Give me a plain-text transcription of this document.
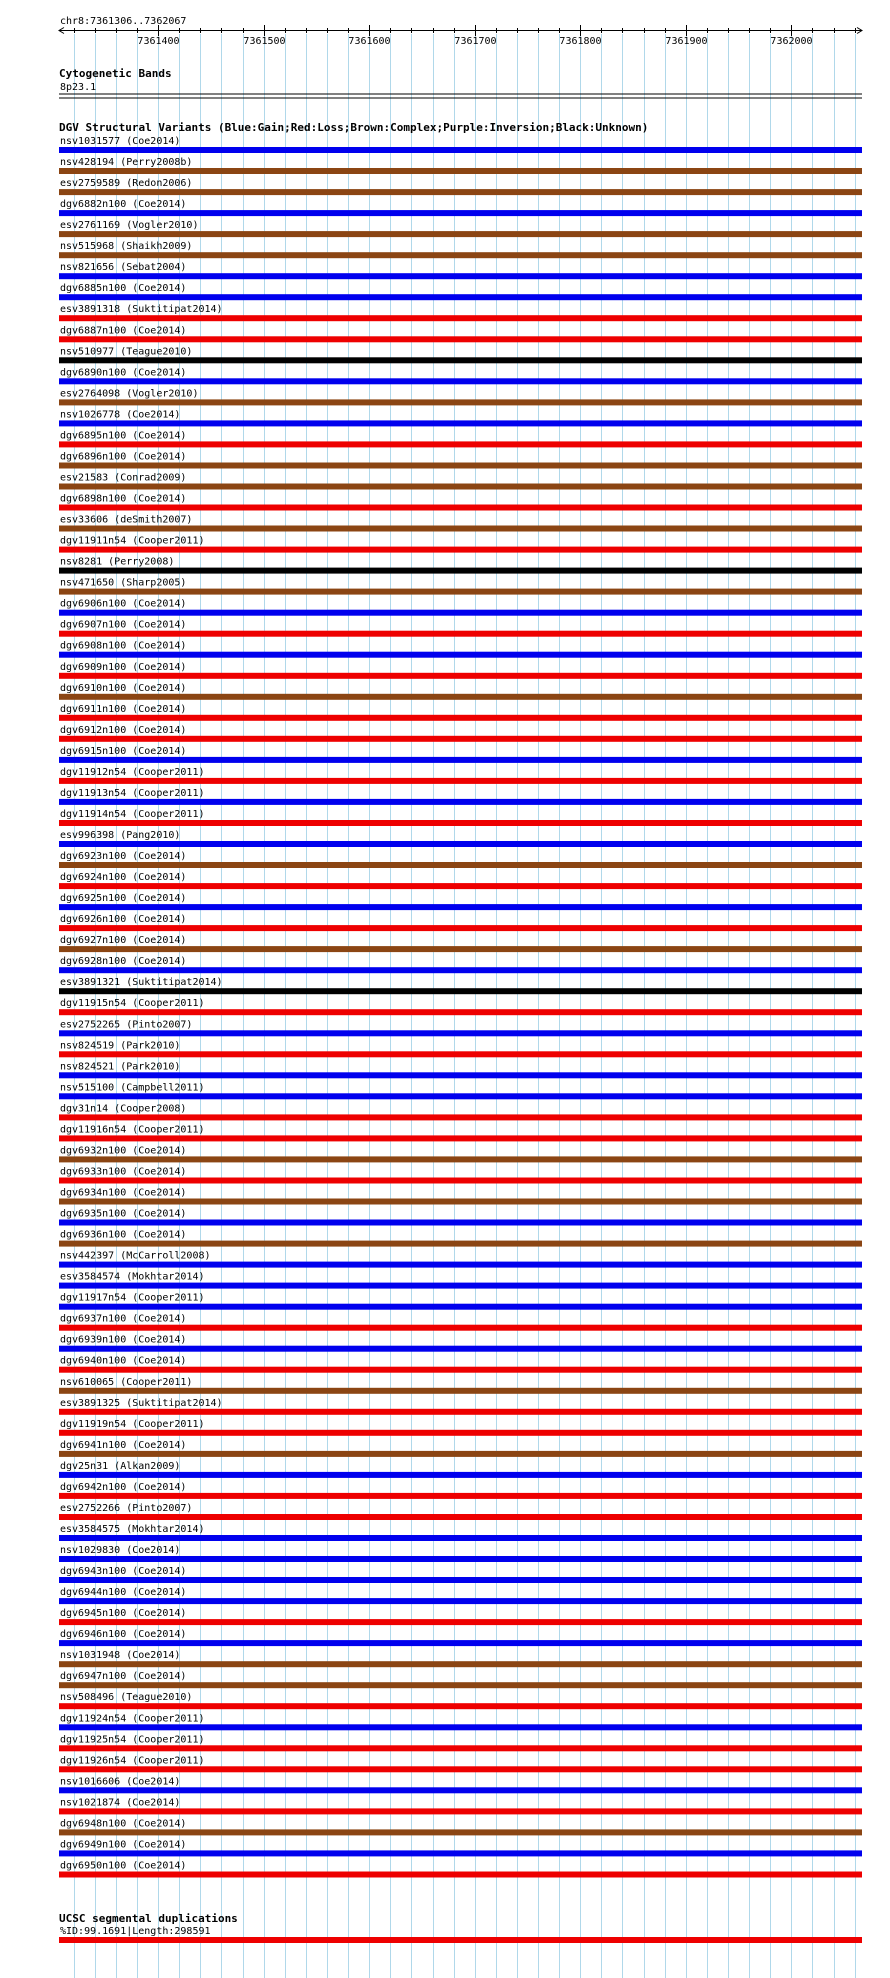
chr8:7361306..7362067
7361400	7361500	7361600	7361700	7361800	7361900	7362000
Cytogenetic Bands
8p23.1
DGV Structural Variants (Blue:Gain;Red:Loss;Brown:Complex;Purple:Inversion;Black:Unknown)
nsv1031577 (Coe2014)
nsv428194 (Perry2008b)
esv2759589 (Redon2006)
dgv6882n100 (Coe2014)
esv2761169 (Vogler2010)
nsv515968 (Shaikh2009)
nsv821656 (Sebat2004)
dgv6885n100 (Coe2014)
esv3891318 (Suktitipat2014)
dgv6887n100 (Coe2014)
nsv510977 (Teague2010)
dgv6890n100 (Coe2014)
esv2764098 (Vogler2010)
nsv1026778 (Coe2014)
dgv6895n100 (Coe2014)
dgv6896n100 (Coe2014)
esv21583 (Conrad2009)
dgv6898n100 (Coe2014)
esv33606 (deSmith2007)
dgv11911n54 (Cooper2011)
nsv8281 (Perry2008)
nsv471650 (Sharp2005)
dgv6906n100 (Coe2014)
dgv6907n100 (Coe2014)
dgv6908n100 (Coe2014)
dgv6909n100 (Coe2014)
dgv6910n100 (Coe2014)
dgv6911n100 (Coe2014)
dgv6912n100 (Coe2014)
dgv6915n100 (Coe2014)
dgv11912n54 (Cooper2011)
dgv11913n54 (Cooper2011)
dgv11914n54 (Cooper2011)
esv996398 (Pang2010)
dgv6923n100 (Coe2014)
dgv6924n100 (Coe2014)
dgv6925n100 (Coe2014)
dgv6926n100 (Coe2014)
dgv6927n100 (Coe2014)
dgv6928n100 (Coe2014)
esv3891321 (Suktitipat2014)
dgv11915n54 (Cooper2011)
esv2752265 (Pinto2007)
nsv824519 (Park2010)
nsv824521 (Park2010)
nsv515100 (Campbell2011)
dgv31n14 (Cooper2008)
dgv11916n54 (Cooper2011)
dgv6932n100 (Coe2014)
dgv6933n100 (Coe2014)
dgv6934n100 (Coe2014)
dgv6935n100 (Coe2014)
dgv6936n100 (Coe2014)
nsv442397 (McCarroll2008)
esv3584574 (Mokhtar2014)
dgv11917n54 (Cooper2011)
dgv6937n100 (Coe2014)
dgv6939n100 (Coe2014)
dgv6940n100 (Coe2014)
nsv610065 (Cooper2011)
esv3891325 (Suktitipat2014)
dgv11919n54 (Cooper2011)
dgv6941n100 (Coe2014)
dgv25n31 (Alkan2009)
dgv6942n100 (Coe2014)
esv2752266 (Pinto2007)
esv3584575 (Mokhtar2014)
nsv1029830 (Coe2014)
dgv6943n100 (Coe2014)
dgv6944n100 (Coe2014)
dgv6945n100 (Coe2014)
dgv6946n100 (Coe2014)
nsv1031948 (Coe2014)
dgv6947n100 (Coe2014)
nsv508496 (Teague2010)
dgv11924n54 (Cooper2011)
dgv11925n54 (Cooper2011)
dgv11926n54 (Cooper2011)
nsv1016606 (Coe2014)
nsv1021874 (Coe2014)
dgv6948n100 (Coe2014)
dgv6949n100 (Coe2014)
dgv6950n100 (Coe2014)
UCSC segmental duplications
%ID:99.1691|Length:298591
